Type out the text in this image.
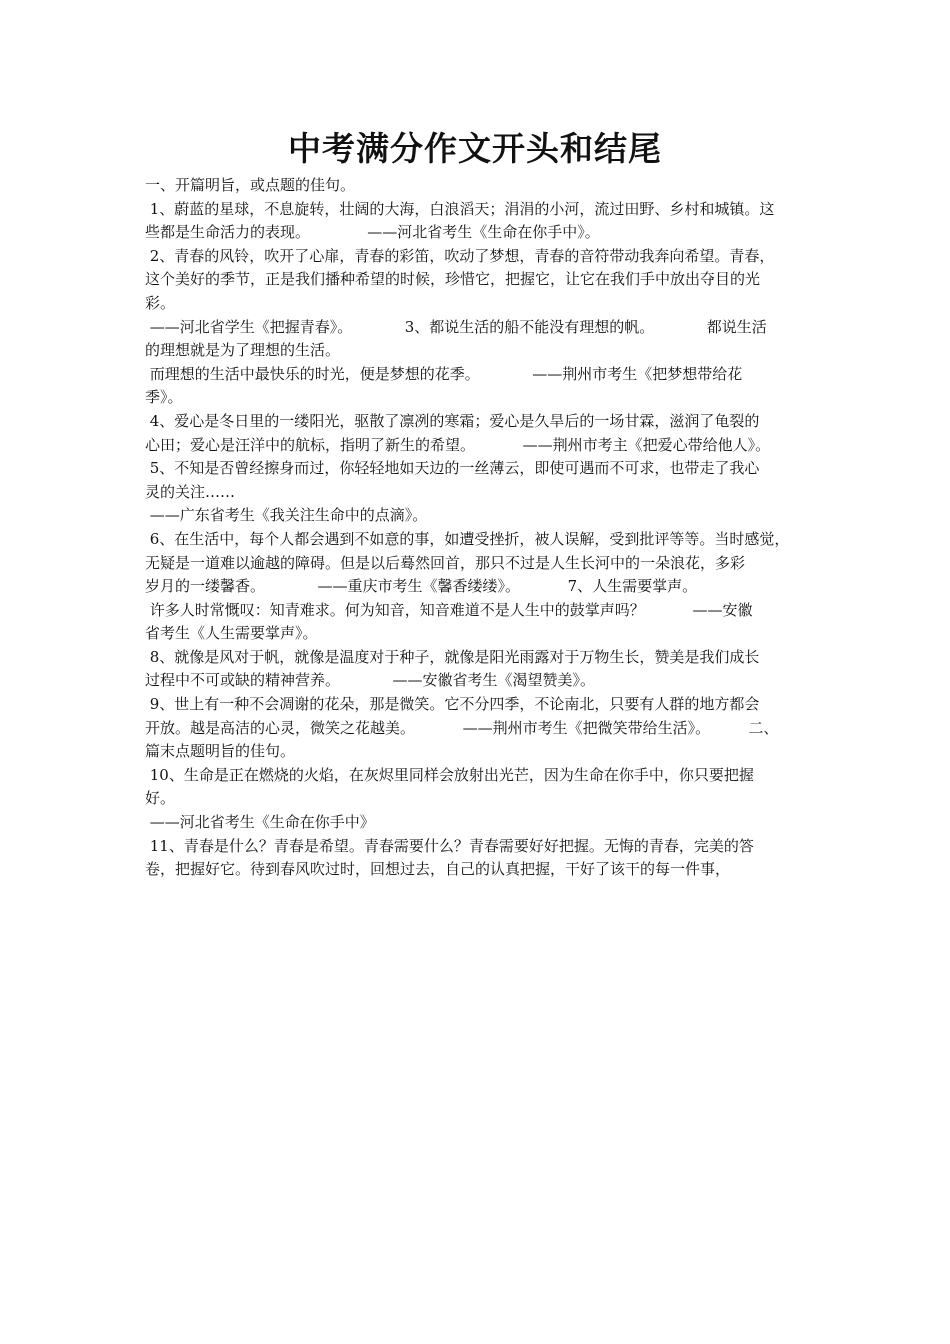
中考满分作文开头和结尾
一、开篇明旨，或点题的佳句。
1、蔚蓝的星球，不息旋转，壮阔的大海，白浪滔天；涓涓的小河，流过田野、乡村和城镇。这
些都是生命活力的表现。            ——河北省考生《生命在你手中》。
2、青春的风铃，吹开了心扉，青春的彩笛，吹动了梦想，青春的音符带动我奔向希望。青春，
这个美好的季节，正是我们播种希望的时候，珍惜它，把握它，让它在我们手中放出夺目的光
彩。
——河北省学生《把握青春》。           3、都说生活的船不能没有理想的帆。           都说生活
的理想就是为了理想的生活。
而理想的生活中最快乐的时光，便是梦想的花季。           ——荆州市考生《把梦想带给花
季》。
4、爱心是冬日里的一缕阳光，驱散了凛冽的寒霜；爱心是久旱后的一场甘霖，滋润了龟裂的
心田；爱心是汪洋中的航标，指明了新生的希望。          ——荆州市考主《把爱心带给他人》。
5、不知是否曾经擦身而过，你轻轻地如天边的一丝薄云，即使可遇而不可求，也带走了我心
灵的关注……
——广东省考生《我关注生命中的点滴》。
6、在生活中，每个人都会遇到不如意的事，如遭受挫折，被人误解，受到批评等等。当时感觉，
无疑是一道难以逾越的障碍。但是以后蓦然回首，那只不过是人生长河中的一朵浪花，多彩
岁月的一缕馨香。           ——重庆市考生《馨香缕缕》。          7、人生需要掌声。
许多人时常慨叹：知青难求。何为知音，知音难道不是人生中的鼓掌声吗？          ——安徽
省考生《人生需要掌声》。
8、就像是风对于帆，就像是温度对于种子，就像是阳光雨露对于万物生长，赞美是我们成长
过程中不可或缺的精神营养。           ——安徽省考生《渴望赞美》。
9、世上有一种不会凋谢的花朵，那是微笑。它不分四季，不论南北，只要有人群的地方都会
开放。越是高洁的心灵，微笑之花越美。          ——荆州市考生《把微笑带给生活》。        二、
篇末点题明旨的佳句。
10、生命是正在燃烧的火焰，在灰烬里同样会放射出光芒，因为生命在你手中，你只要把握
好。
——河北省考生《生命在你手中》
11、青春是什么？青春是希望。青春需要什么？青春需要好好把握。无悔的青春，完美的答
卷，把握好它。待到春风吹过时，回想过去，自己的认真把握，干好了该干的每一件事，
